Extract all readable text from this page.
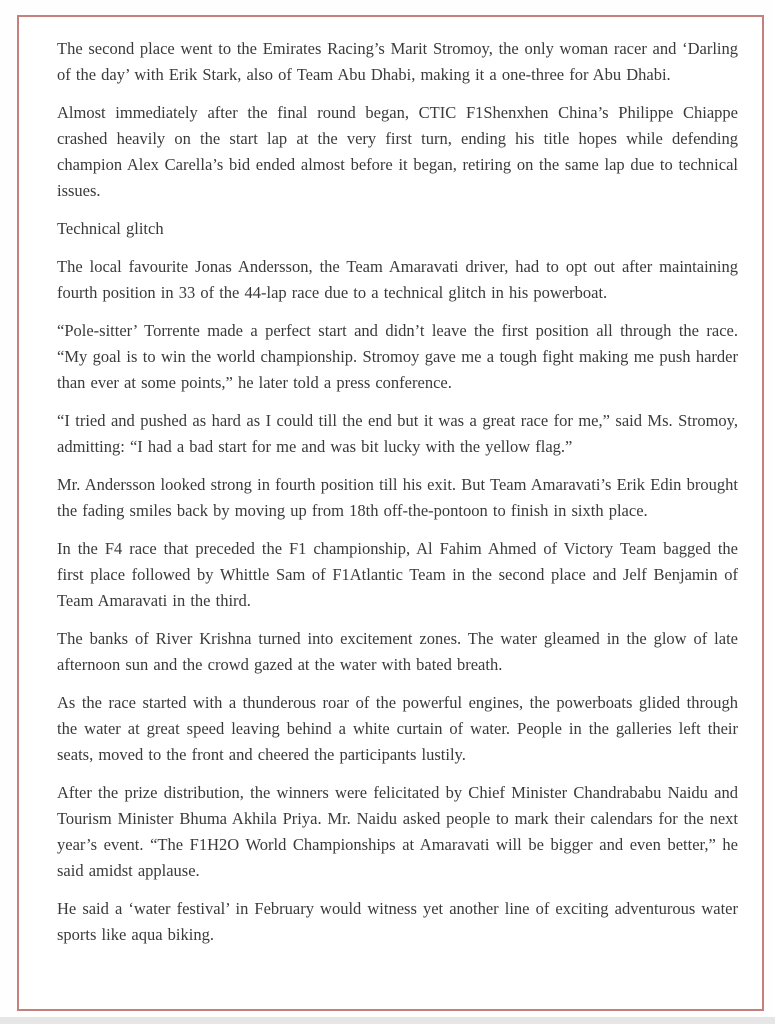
The second place went to the Emirates Racing’s Marit Stromoy, the only woman racer and ‘Darling of the day’ with Erik Stark, also of Team Abu Dhabi, making it a one-three for Abu Dhabi.

Almost immediately after the final round began, CTIC F1Shenxhen China’s Philippe Chiappe crashed heavily on the start lap at the very first turn, ending his title hopes while defending champion Alex Carella’s bid ended almost before it began, retiring on the same lap due to technical issues.

Technical glitch

The local favourite Jonas Andersson, the Team Amaravati driver, had to opt out after maintaining fourth position in 33 of the 44-lap race due to a technical glitch in his powerboat.

“Pole-sitter’ Torrente made a perfect start and didn’t leave the first position all through the race. “My goal is to win the world championship. Stromoy gave me a tough fight making me push harder than ever at some points,” he later told a press conference.

“I tried and pushed as hard as I could till the end but it was a great race for me,” said Ms. Stromoy, admitting: “I had a bad start for me and was bit lucky with the yellow flag.”

Mr. Andersson looked strong in fourth position till his exit. But Team Amaravati’s Erik Edin brought the fading smiles back by moving up from 18th off-the-pontoon to finish in sixth place.

In the F4 race that preceded the F1 championship, Al Fahim Ahmed of Victory Team bagged the first place followed by Whittle Sam of F1Atlantic Team in the second place and Jelf Benjamin of Team Amaravati in the third.

The banks of River Krishna turned into excitement zones. The water gleamed in the glow of late afternoon sun and the crowd gazed at the water with bated breath.

As the race started with a thunderous roar of the powerful engines, the powerboats glided through the water at great speed leaving behind a white curtain of water. People in the galleries left their seats, moved to the front and cheered the participants lustily.

After the prize distribution, the winners were felicitated by Chief Minister Chandrababu Naidu and Tourism Minister Bhuma Akhila Priya. Mr. Naidu asked people to mark their calendars for the next year’s event. “The F1H2O World Championships at Amaravati will be bigger and even better,” he said amidst applause.

He said a ‘water festival’ in February would witness yet another line of exciting adventurous water sports like aqua biking.
